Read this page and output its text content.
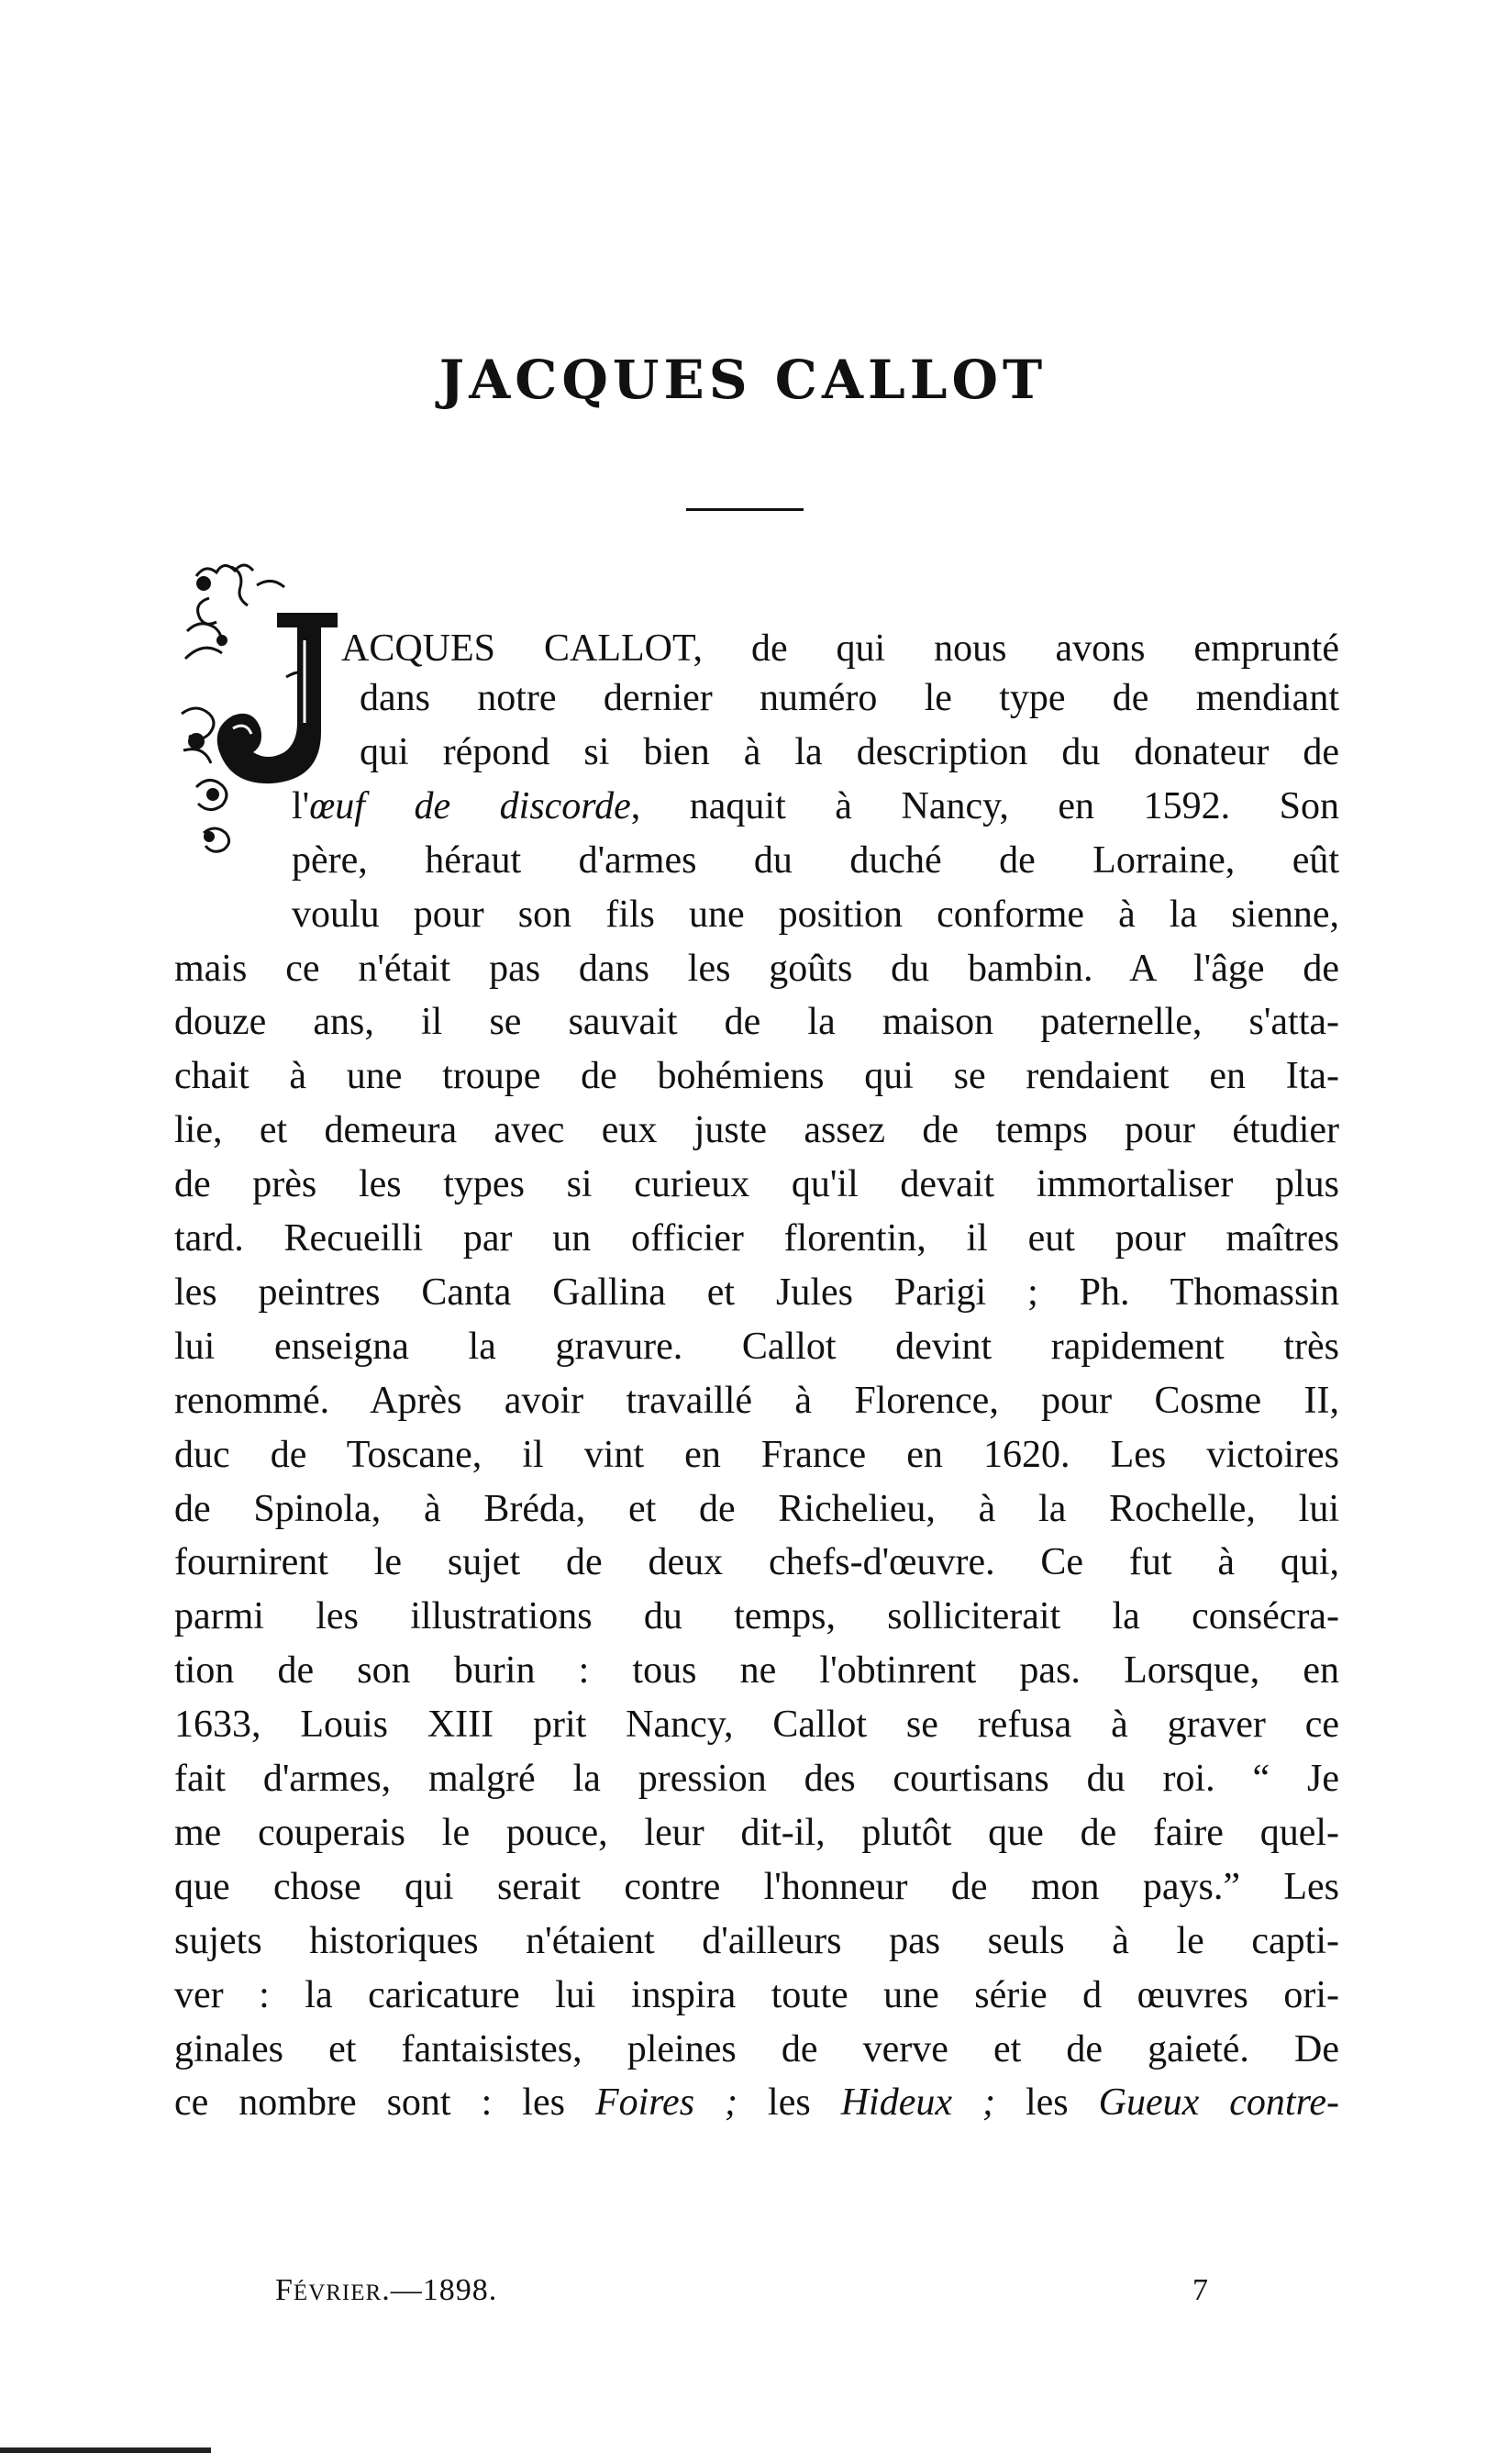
JACQUES CALLOT
ACQUES CALLOT, de qui nous avons emprunté
dans notre dernier numéro le type de mendiant
qui répond si bien à la description du donateur de
l'œuf de discorde, naquit à Nancy, en 1592. Son
père, héraut d'armes du duché de Lorraine, eût
voulu pour son fils une position conforme à la sienne,
mais ce n'était pas dans les goûts du bambin. A l'âge de
douze ans, il se sauvait de la maison paternelle, s'atta-
chait à une troupe de bohémiens qui se rendaient en Ita-
lie, et demeura avec eux juste assez de temps pour étudier
de près les types si curieux qu'il devait immortaliser plus
tard. Recueilli par un officier florentin, il eut pour maîtres
les peintres Canta Gallina et Jules Parigi ; Ph. Thomassin
lui enseigna la gravure. Callot devint rapidement très
renommé. Après avoir travaillé à Florence, pour Cosme II,
duc de Toscane, il vint en France en 1620. Les victoires
de Spinola, à Bréda, et de Richelieu, à la Rochelle, lui
fournirent le sujet de deux chefs-d'œuvre. Ce fut à qui,
parmi les illustrations du temps, solliciterait la consécra-
tion de son burin : tous ne l'obtinrent pas. Lorsque, en
1633, Louis XIII prit Nancy, Callot se refusa à graver ce
fait d'armes, malgré la pression des courtisans du roi. “ Je
me couperais le pouce, leur dit-il, plutôt que de faire quel-
que chose qui serait contre l'honneur de mon pays.” Les
sujets historiques n'étaient d'ailleurs pas seuls à le capti-
ver : la caricature lui inspira toute une série d œuvres ori-
ginales et fantaisistes, pleines de verve et de gaieté. De
ce nombre sont : les Foires ; les Hideux ; les Gueux contre-
FÉVRIER.—1898.	7
